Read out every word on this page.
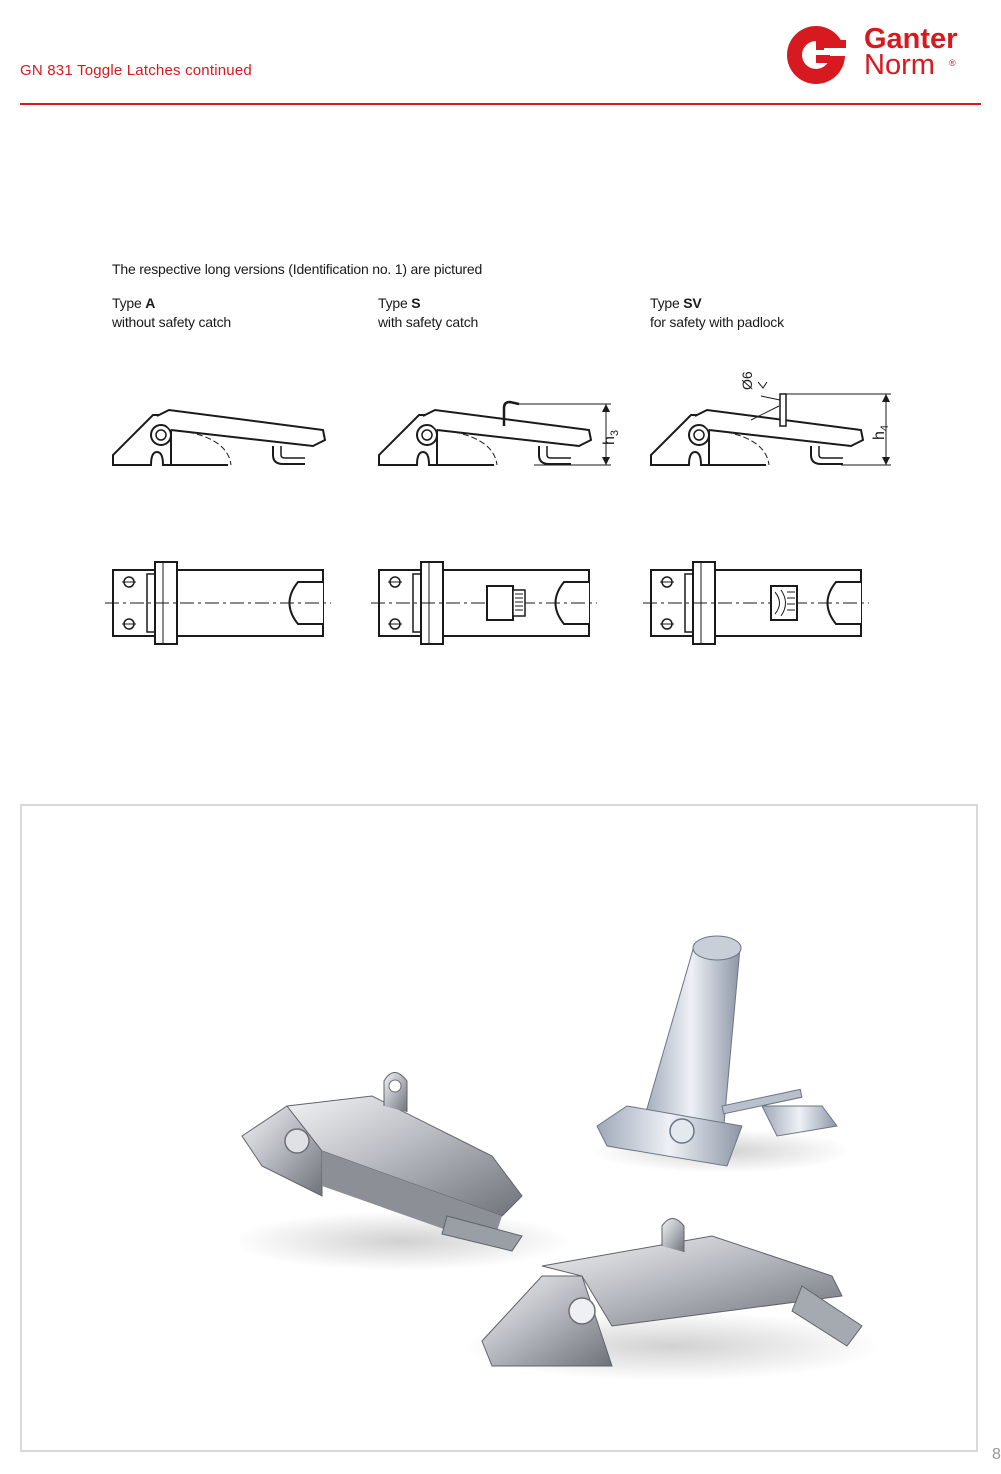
GN 831 Toggle Latches continued
Ganter
Norm	®
The respective long versions (Identification no. 1) are pictured
Type A
without safety catch
Type S
with safety catch
Type SV
for safety with padlock
$h_3$	$h_4$
Ø6
8
